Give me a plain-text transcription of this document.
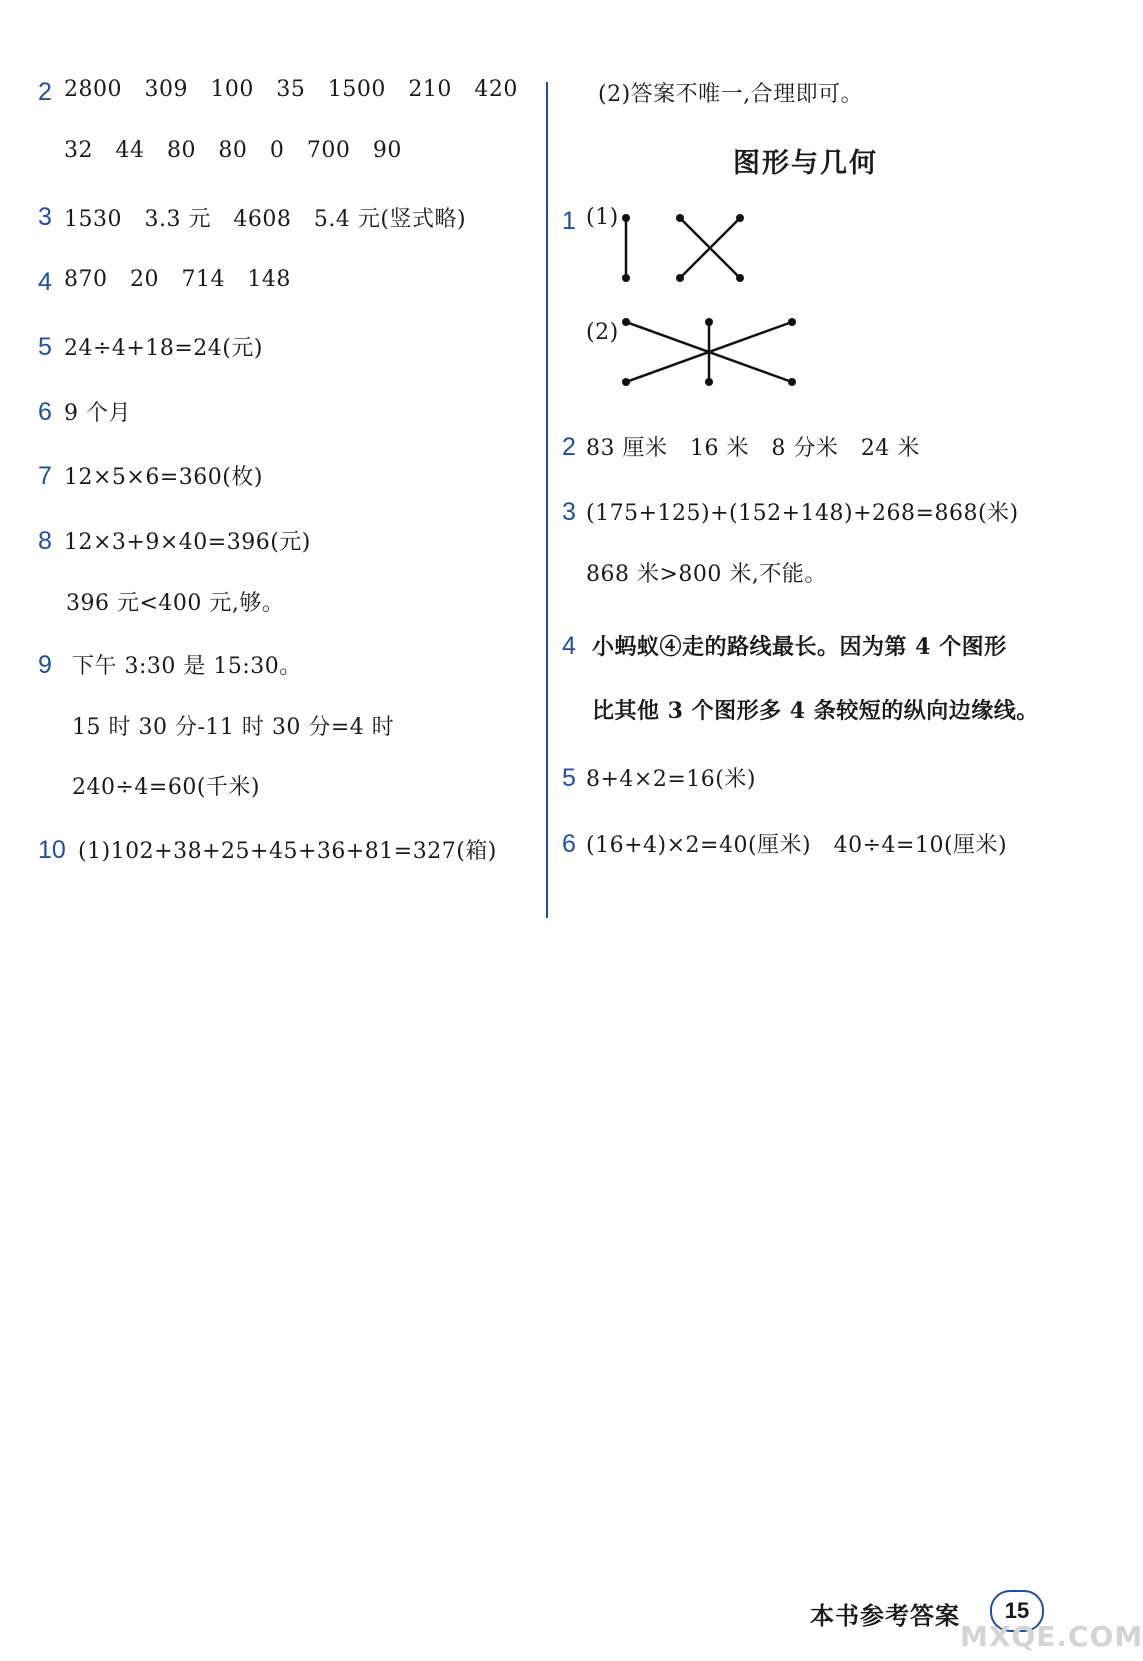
2 2800   309   100   35   1500   210   420
32   44   80   80   0   700   90
3 1530   3.3 元   4608   5.4 元(竖式略)
4 870   20   714   148
5 24÷4+18=24(元)
6 9 个月
7 12×5×6=360(枚)
8 12×3+9×40=396(元)
396 元<400 元,够。
9 下午 3:30 是 15:30。
15 时 30 分-11 时 30 分=4 时
240÷4=60(千米)
10 (1)102+38+25+45+36+81=327(箱)
(2)答案不唯一,合理即可。
图形与几何
1 (1)
(2)
2 83 厘米   16 米   8 分米   24 米
3 (175+125)+(152+148)+268=868(米)
868 米>800 米,不能。
4 小蚂蚁④走的路线最长。因为第 4 个图形
比其他 3 个图形多 4 条较短的纵向边缘线。
5 8+4×2=16(米)
6 (16+4)×2=40(厘米)   40÷4=10(厘米)
本书参考答案	15
MXQE.COM
